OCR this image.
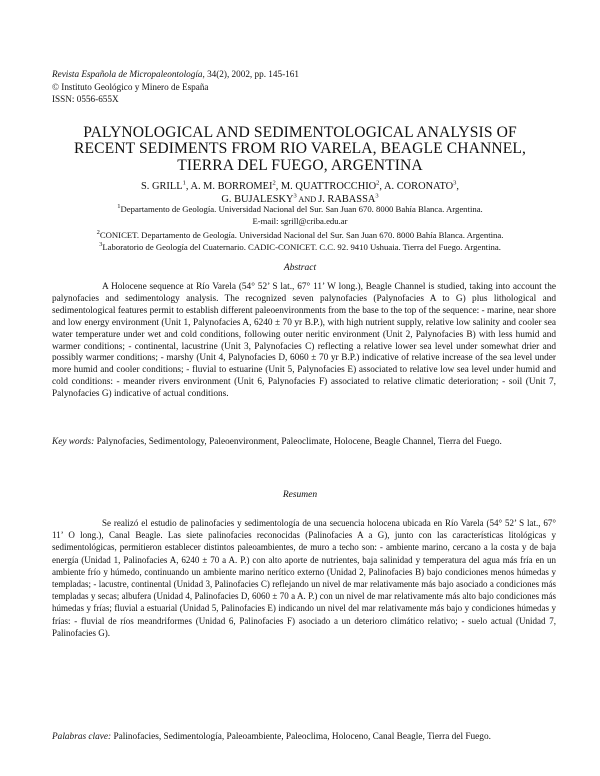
Revista Española de Micropaleontología, 34(2), 2002, pp. 145-161
© Instituto Geológico y Minero de España
ISSN: 0556-655X
PALYNOLOGICAL AND SEDIMENTOLOGICAL ANALYSIS OF
RECENT SEDIMENTS FROM RIO VARELA, BEAGLE CHANNEL,
TIERRA DEL FUEGO, ARGENTINA
S. GRILL$^1$, A. M. BORROMEI$^2$, M. QUATTROCCHIO$^2$, A. CORONATO$^3$,
G. BUJALESKY$^3$ AND J. RABASSA$^3$
$^1$Departamento de Geología. Universidad Nacional del Sur. San Juan 670. 8000 Bahía Blanca. Argentina.
E-mail: sgrill@criba.edu.ar
$^2$CONICET. Departamento de Geología. Universidad Nacional del Sur. San Juan 670. 8000 Bahía Blanca. Argentina.
$^3$Laboratorio de Geología del Cuaternario. CADIC-CONICET. C.C. 92. 9410 Ushuaia. Tierra del Fuego. Argentina.
Abstract
A Holocene sequence at Río Varela (54° 52’ S lat., 67° 11’ W long.), Beagle Channel is studied, taking into account the palynofacies and sedimentology analysis. The recognized seven palynofacies (Palynofacies A to G) plus lithological and sedimentological features permit to establish different paleoenvironments from the base to the top of the sequence: - marine, near shore and low energy environment (Unit 1, Palynofacies A, 6240 ± 70 yr B.P.), with high nutrient supply, relative low salinity and cooler sea water temperature under wet and cold conditions, following outer neritic environment (Unit 2, Palynofacies B) with less humid and warmer conditions; - continental, lacustrine (Unit 3, Palynofacies C) reflecting a relative lower sea level under somewhat drier and possibly warmer conditions; - marshy (Unit 4, Palynofacies D, 6060 ± 70 yr B.P.) indicative of relative increase of the sea level under more humid and cooler conditions; - fluvial to estuarine (Unit 5, Palynofacies E) associated to relative low sea level under humid and cold conditions: - meander rivers environment (Unit 6, Palynofacies F) associated to relative climatic deterioration; - soil (Unit 7, Palynofacies G) indicative of actual conditions.
Key words: Palynofacies, Sedimentology, Paleoenvironment, Paleoclimate, Holocene, Beagle Channel, Tierra del Fuego.
Resumen
Se realizó el estudio de palinofacies y sedimentología de una secuencia holocena ubicada en Río Varela (54° 52’ S lat., 67° 11’ O long.), Canal Beagle. Las siete palinofacies reconocidas (Palinofacies A a G), junto con las características litológicas y sedimentológicas, permitieron establecer distintos paleoambientes, de muro a techo son: - ambiente marino, cercano a la costa y de baja energía (Unidad 1, Palinofacies A, 6240 ± 70 a A. P.) con alto aporte de nutrientes, baja salinidad y temperatura del agua más fría en un ambiente frío y húmedo, continuando un ambiente marino nerítico externo (Unidad 2, Palinofacies B) bajo condiciones menos húmedas y templadas; - lacustre, continental (Unidad 3, Palinofacies C) reflejando un nivel de mar relativamente más bajo asociado a condiciones más templadas y secas; albufera (Unidad 4, Palinofacies D, 6060 ± 70 a A. P.) con un nivel de mar relativamente más alto bajo condiciones más húmedas y frías; fluvial a estuarial (Unidad 5, Palinofacies E) indicando un nivel del mar relativamente más bajo y condiciones húmedas y frías: - fluvial de ríos meandriformes (Unidad 6, Palinofacies F) asociado a un deterioro climático relativo; - suelo actual (Unidad 7, Palinofacies G).
Palabras clave: Palinofacies, Sedimentología, Paleoambiente, Paleoclima, Holoceno, Canal Beagle, Tierra del Fuego.
